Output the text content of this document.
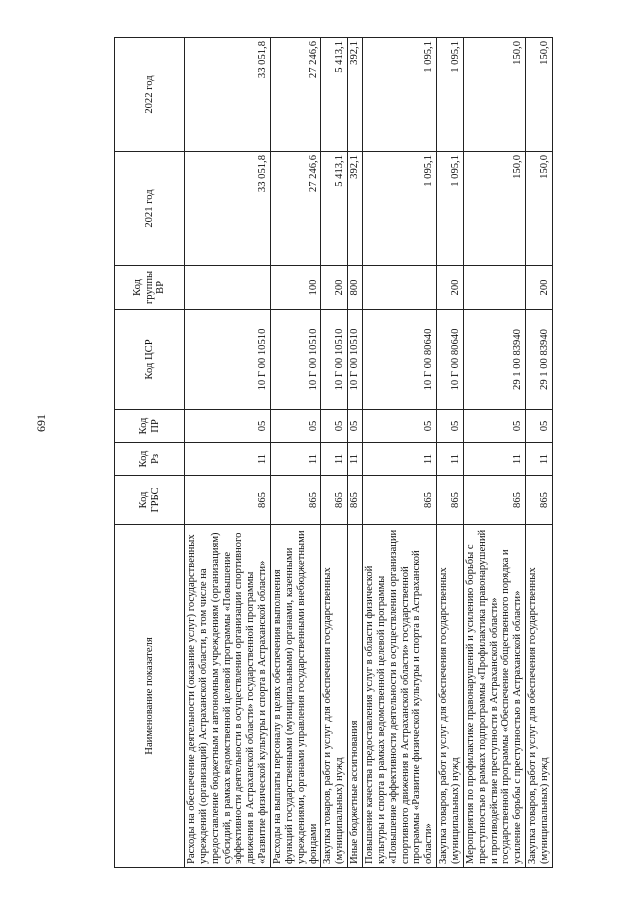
691
Наименование показателя	Код ГРБС	Код Рз	Код ПР	Код ЦСР	Код группы ВР	2021 год	2022 год
Расходы на обеспечение деятельности (оказание услуг) государственных учреждений (организаций) Астраханской области, в том числе на предоставление бюджетным и автономным учреждениям (организациям) субсидий, в рамках ведомственной целевой программы «Повышение эффективности деятельности в осуществлении организации спортивного движения в Астраханской области» государственной программы «Развитие физической культуры и спорта в Астраханской области»	865	11	05	10 Г 00 10510		33 051,8	33 051,8
Расходы на выплаты персоналу в целях обеспечения выполнения функций государственными (муниципальными) органами, казенными учреждениями, органами управления государственными внебюджетными фондами	865	11	05	10 Г 00 10510	100	27 246,6	27 246,6
Закупка товаров, работ и услуг для обеспечения государственных (муниципальных) нужд	865	11	05	10 Г 00 10510	200	5 413,1	5 413,1
Иные бюджетные ассигнования	865	11	05	10 Г 00 10510	800	392,1	392,1
Повышение качества предоставления услуг в области физической культуры и спорта в рамках ведомственной целевой программы «Повышение эффективности деятельности в осуществлении организации спортивного движения в Астраханской области» государственной программы «Развитие физической культуры и спорта в Астраханской области»	865	11	05	10 Г 00 80640		1 095,1	1 095,1
Закупка товаров, работ и услуг для обеспечения государственных (муниципальных) нужд	865	11	05	10 Г 00 80640	200	1 095,1	1 095,1
Мероприятия по профилактике правонарушений и усилению борьбы с преступностью в рамках подпрограммы «Профилактика правонарушений и противодействие преступности в Астраханской области» государственной программы «Обеспечение общественного порядка и усиление борьбы с преступностью в Астраханской области»	865	11	05	29 1 00 83940		150,0	150,0
Закупка товаров, работ и услуг для обеспечения государственных (муниципальных) нужд	865	11	05	29 1 00 83940	200	150,0	150,0
